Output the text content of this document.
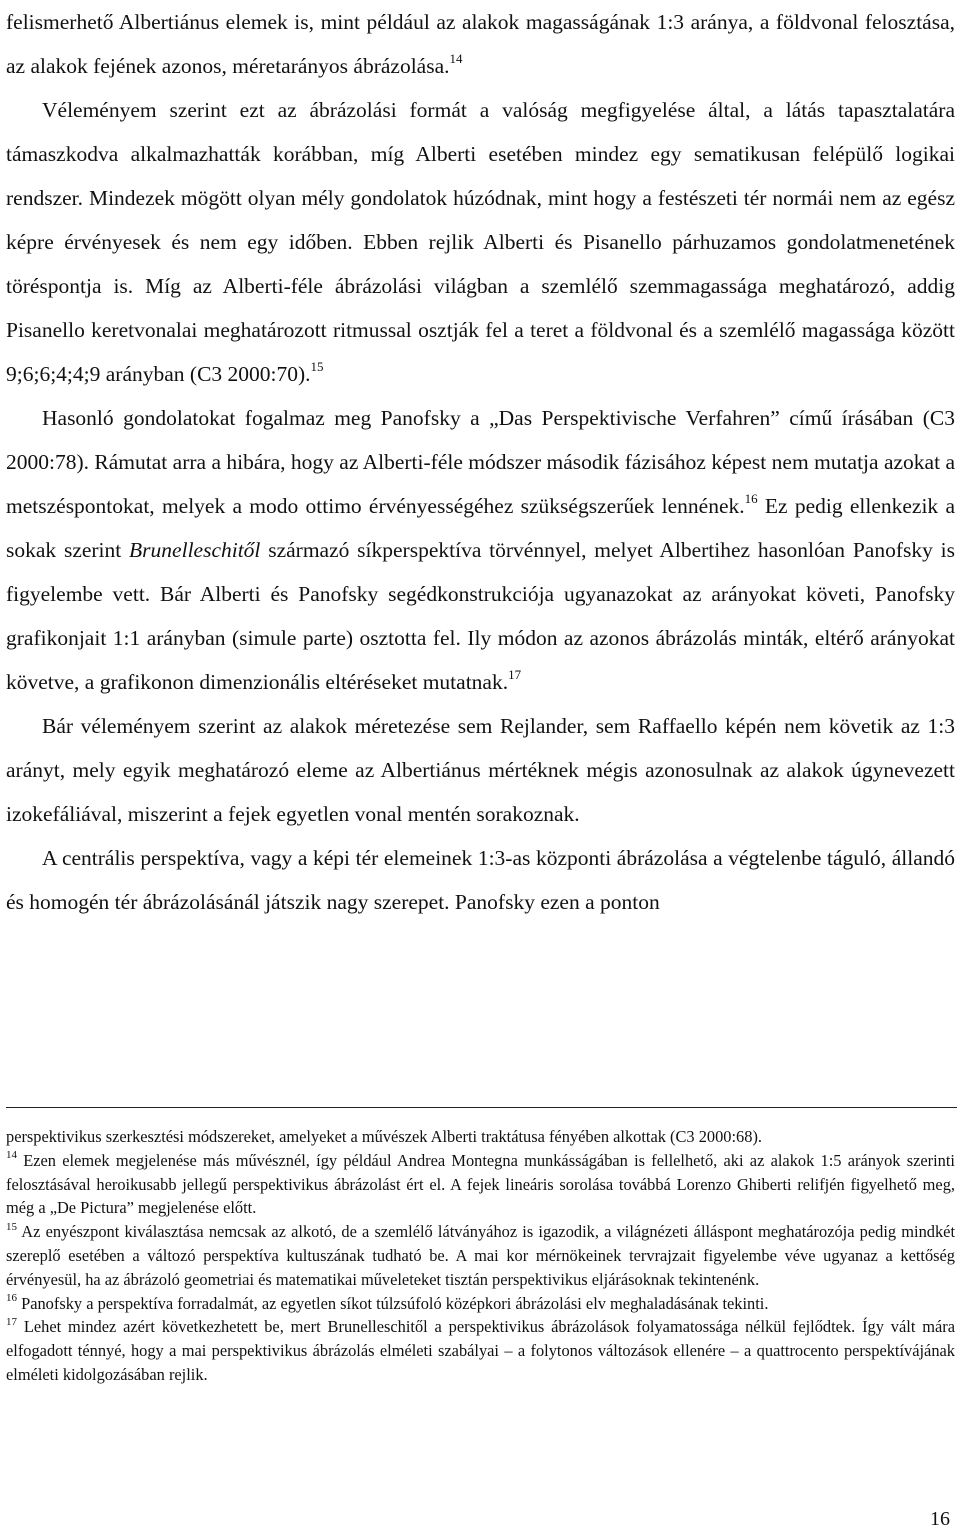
felismerhető Albertiánus elemek is, mint például az alakok magasságának 1:3 aránya, a földvonal felosztása, az alakok fejének azonos, méretarányos ábrázolása.$^{14}$

Véleményem szerint ezt az ábrázolási formát a valóság megfigyelése által, a látás tapasztalatára támaszkodva alkalmazhatták korábban, míg Alberti esetében mindez egy sematikusan felépülő logikai rendszer. Mindezek mögött olyan mély gondolatok húzódnak, mint hogy a festészeti tér normái nem az egész képre érvényesek és nem egy időben. Ebben rejlik Alberti és Pisanello párhuzamos gondolatmenetének töréspontja is. Míg az Alberti-féle ábrázolási világban a szemlélő szemmagassága meghatározó, addig Pisanello keretvonalai meghatározott ritmussal osztják fel a teret a földvonal és a szemlélő magassága között 9;6;6;4;4;9 arányban (C3 2000:70).$^{15}$

Hasonló gondolatokat fogalmaz meg Panofsky a „Das Perspektivische Verfahren” című írásában (C3 2000:78). Rámutat arra a hibára, hogy az Alberti-féle módszer második fázisához képest nem mutatja azokat a metszéspontokat, melyek a modo ottimo érvényességéhez szükségszerűek lennének.$^{16}$ Ez pedig ellenkezik a sokak szerint Brunelleschitől származó síkperspektíva törvénnyel, melyet Albertihez hasonlóan Panofsky is figyelembe vett. Bár Alberti és Panofsky segédkonstrukciója ugyanazokat az arányokat követi, Panofsky grafikonjait 1:1 arányban (simule parte) osztotta fel. Ily módon az azonos ábrázolás minták, eltérő arányokat követve, a grafikonon dimenzionális eltéréseket mutatnak.$^{17}$

Bár véleményem szerint az alakok méretezése sem Rejlander, sem Raffaello képén nem követik az 1:3 arányt, mely egyik meghatározó eleme az Albertiánus mértéknek mégis azonosulnak az alakok úgynevezett izokefáliával, miszerint a fejek egyetlen vonal mentén sorakoznak.

A centrális perspektíva, vagy a képi tér elemeinek 1:3-as központi ábrázolása a végtelenbe táguló, állandó és homogén tér ábrázolásánál játszik nagy szerepet. Panofsky ezen a ponton

perspektivikus szerkesztési módszereket, amelyeket a művészek Alberti traktátusa fényében alkottak (C3 2000:68).

$^{14}$ Ezen elemek megjelenése más művésznél, így például Andrea Montegna munkásságában is fellelhető, aki az alakok 1:5 arányok szerinti felosztásával heroikusabb jellegű perspektivikus ábrázolást ért el. A fejek lineáris sorolása továbbá Lorenzo Ghiberti relifjén figyelhető meg, még a „De Pictura” megjelenése előtt.

$^{15}$ Az enyészpont kiválasztása nemcsak az alkotó, de a szemlélő látványához is igazodik, a világnézeti álláspont meghatározója pedig mindkét szereplő esetében a változó perspektíva kultuszának tudható be. A mai kor mérnökeinek tervrajzait figyelembe véve ugyanaz a kettőség érvényesül, ha az ábrázoló geometriai és matematikai műveleteket tisztán perspektivikus eljárásoknak tekintenénk.

$^{16}$ Panofsky a perspektíva forradalmát, az egyetlen síkot túlzsúfoló középkori ábrázolási elv meghaladásának tekinti.

$^{17}$ Lehet mindez azért következhetett be, mert Brunelleschitől a perspektivikus ábrázolások folyamatossága nélkül fejlődtek. Így vált mára elfogadott ténnyé, hogy a mai perspektivikus ábrázolás elméleti szabályai – a folytonos változások ellenére – a quattrocento perspektívájának elméleti kidolgozásában rejlik.

16
